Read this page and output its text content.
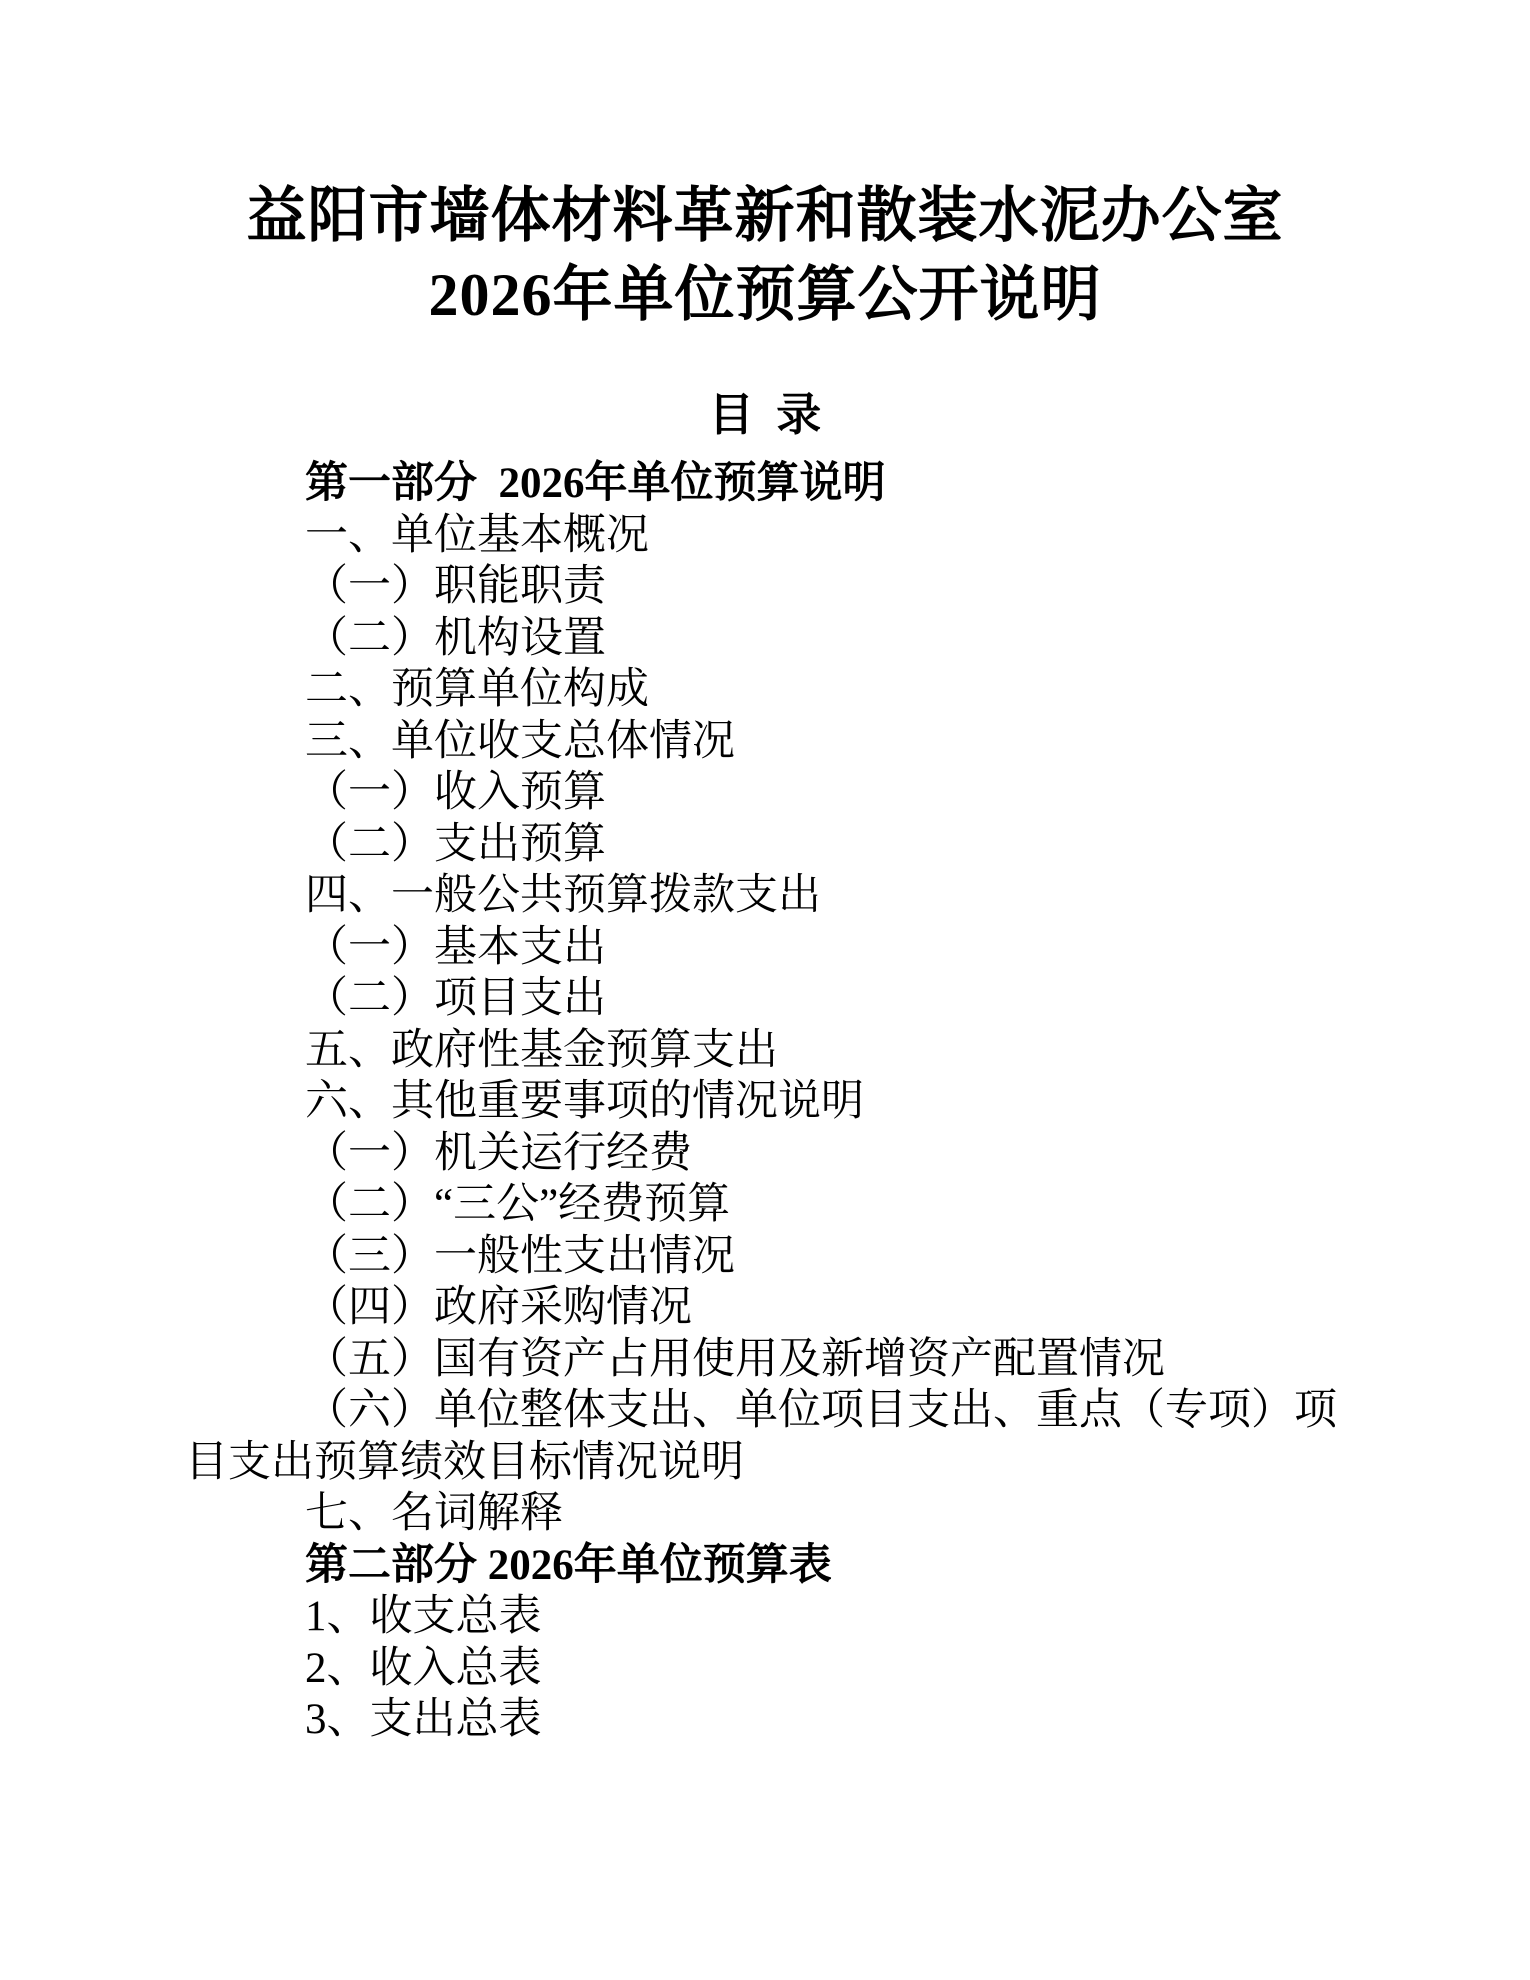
益阳市墙体材料革新和散装水泥办公室
2026年单位预算公开说明
目  录
第一部分  2026年单位预算说明
一、单位基本概况
（一）职能职责
（二）机构设置
二、预算单位构成
三、单位收支总体情况
（一）收入预算
（二）支出预算
四、一般公共预算拨款支出
（一）基本支出
（二）项目支出
五、政府性基金预算支出
六、其他重要事项的情况说明
（一）机关运行经费
（二）“三公”经费预算
（三）一般性支出情况
（四）政府采购情况
（五）国有资产占用使用及新增资产配置情况
（六）单位整体支出、单位项目支出、重点（专项）项
目支出预算绩效目标情况说明
七、名词解释
第二部分 2026年单位预算表
1、收支总表
2、收入总表
3、支出总表
